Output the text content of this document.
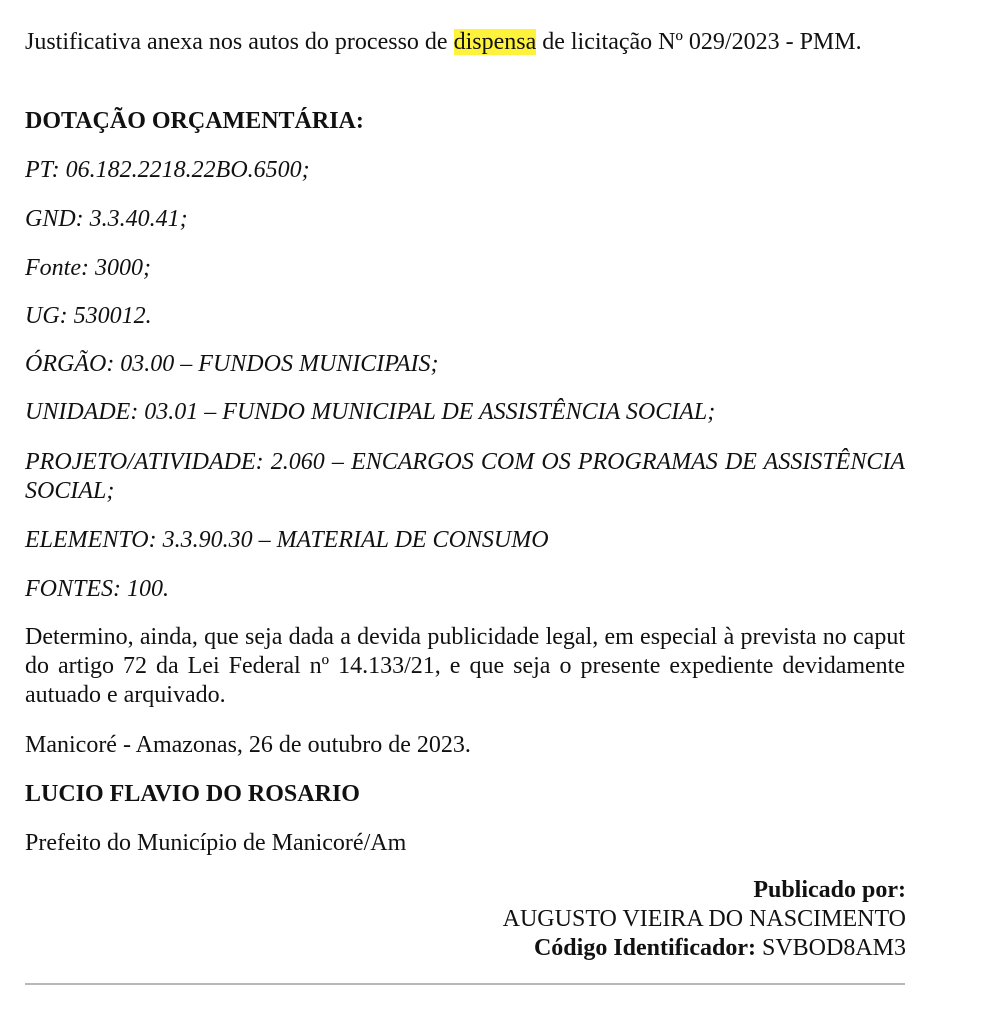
Justificativa anexa nos autos do processo de dispensa de licitação Nº 029/2023 - PMM.

DOTAÇÃO ORÇAMENTÁRIA:

PT: 06.182.2218.22BO.6500;

GND: 3.3.40.41;

Fonte: 3000;

UG: 530012.

ÓRGÃO: 03.00 – FUNDOS MUNICIPAIS;

UNIDADE: 03.01 – FUNDO MUNICIPAL DE ASSISTÊNCIA SOCIAL;

PROJETO/ATIVIDADE: 2.060 – ENCARGOS COM OS PROGRAMAS DE ASSISTÊNCIA SOCIAL;

ELEMENTO: 3.3.90.30 – MATERIAL DE CONSUMO

FONTES: 100.

Determino, ainda, que seja dada a devida publicidade legal, em especial à prevista no caput do artigo 72 da Lei Federal nº 14.133/21, e que seja o presente expediente devidamente autuado e arquivado.

Manicoré - Amazonas, 26 de outubro de 2023.

LUCIO FLAVIO DO ROSARIO

Prefeito do Município de Manicoré/Am

Publicado por:
AUGUSTO VIEIRA DO NASCIMENTO
Código Identificador: SVBOD8AM3
